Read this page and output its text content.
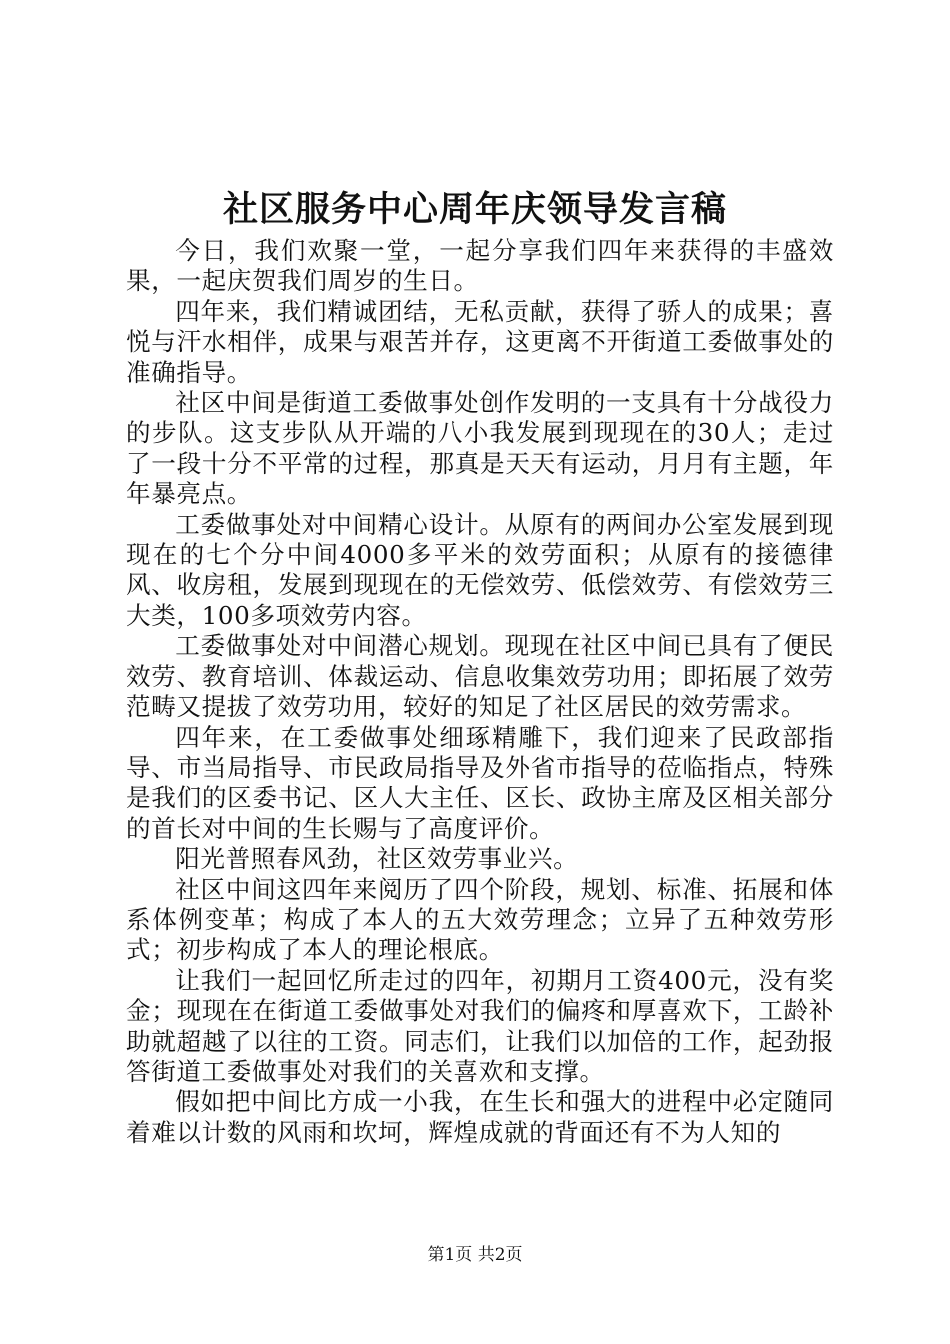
社区服务中心周年庆领导发言稿

今日，我们欢聚一堂，一起分享我们四年来获得的丰盛效果，一起庆贺我们周岁的生日。

四年来，我们精诚团结，无私贡献，获得了骄人的成果；喜悦与汗水相伴，成果与艰苦并存，这更离不开街道工委做事处的准确指导。

社区中间是街道工委做事处创作发明的一支具有十分战役力的步队。这支步队从开端的八小我发展到现现在的30人；走过了一段十分不平常的过程，那真是天天有运动，月月有主题，年年暴亮点。

工委做事处对中间精心设计。从原有的两间办公室发展到现现在的七个分中间4000多平米的效劳面积；从原有的接德律风、收房租，发展到现现在的无偿效劳、低偿效劳、有偿效劳三大类，100多项效劳内容。

工委做事处对中间潜心规划。现现在社区中间已具有了便民效劳、教育培训、体裁运动、信息收集效劳功用；即拓展了效劳范畴又提拔了效劳功用，较好的知足了社区居民的效劳需求。

四年来，在工委做事处细琢精雕下，我们迎来了民政部指导、市当局指导、市民政局指导及外省市指导的莅临指点，特殊是我们的区委书记、区人大主任、区长、政协主席及区相关部分的首长对中间的生长赐与了高度评价。

阳光普照春风劲，社区效劳事业兴。

社区中间这四年来阅历了四个阶段，规划、标准、拓展和体系体例变革；构成了本人的五大效劳理念；立异了五种效劳形式；初步构成了本人的理论根底。

让我们一起回忆所走过的四年，初期月工资400元，没有奖金；现现在在街道工委做事处对我们的偏疼和厚喜欢下，工龄补助就超越了以往的工资。同志们，让我们以加倍的工作，起劲报答街道工委做事处对我们的关喜欢和支撑。

假如把中间比方成一小我，在生长和强大的进程中必定随同着难以计数的风雨和坎坷，辉煌成就的背面还有不为人知的

第1页 共2页
